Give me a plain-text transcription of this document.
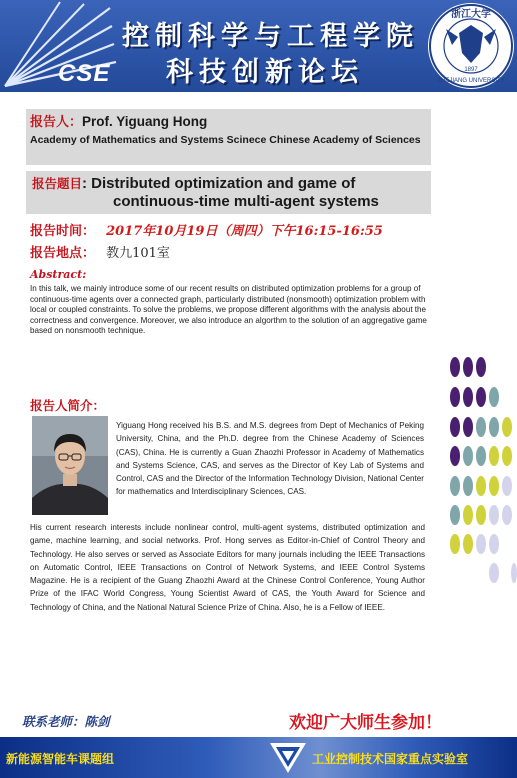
CSE
控制科学与工程学院
科技创新论坛
浙江大学
ZHEJIANG UNIVERSITY
1897
报告人：Prof. Yiguang Hong
Academy of Mathematics and Systems Scinece Chinese Academy of Sciences
报告题目: Distributed optimization and game of
continuous-time multi-agent systems
报告时间： 2017年10月19日（周四）下午16:15-16:55
报告地点： 教九101室
Abstract:
In this talk, we mainly introduce some of our recent results on distributed optimization problems for a group of continuous-time agents over a connected graph, particularly distributed (nonsmooth) optimization problem with local or coupled constraints. To solve the problems, we propose different algorithms with the analysis about the correctness and convergence. Moreover, we also introduce an algorthm to the solution of an aggregative game based on nonsmooth technique.
报告人简介：
Yiguang Hong received his B.S. and M.S. degrees from Dept of Mechanics of Peking University, China, and the Ph.D. degree from the Chinese Academy of Sciences (CAS), China. He is currently a Guan Zhaozhi Professor in Academy of Mathematics and Systems Science, CAS, and serves as the Director of Key Lab of Systems and Control, CAS and the Director of the Information Technology Division, National Center for mathematics and Interdisciplinary Sciences, CAS.
His current research interests include nonlinear control, multi-agent systems, distributed optimization and game, machine learning, and social networks. Prof. Hong serves as Editor-in-Chief of Control Theory and Technology. He also serves or served as Associate Editors for many journals including the IEEE Transactions on Automatic Control, IEEE Transactions on Control of Network Systems, and IEEE Control Systems Magazine. He is a recipient of the Guang Zhaozhi Award at the Chinese Control Conference, Young Author Prize of the IFAC World Congress, Young Scientist Award of CAS, the Youth Award for Science and Technology of China, and the National Natural Science Prize of China. Also, he is a Fellow of IEEE.
联系老师：陈剑	欢迎广大师生参加！
新能源智能车课题组	工业控制技术国家重点实验室
